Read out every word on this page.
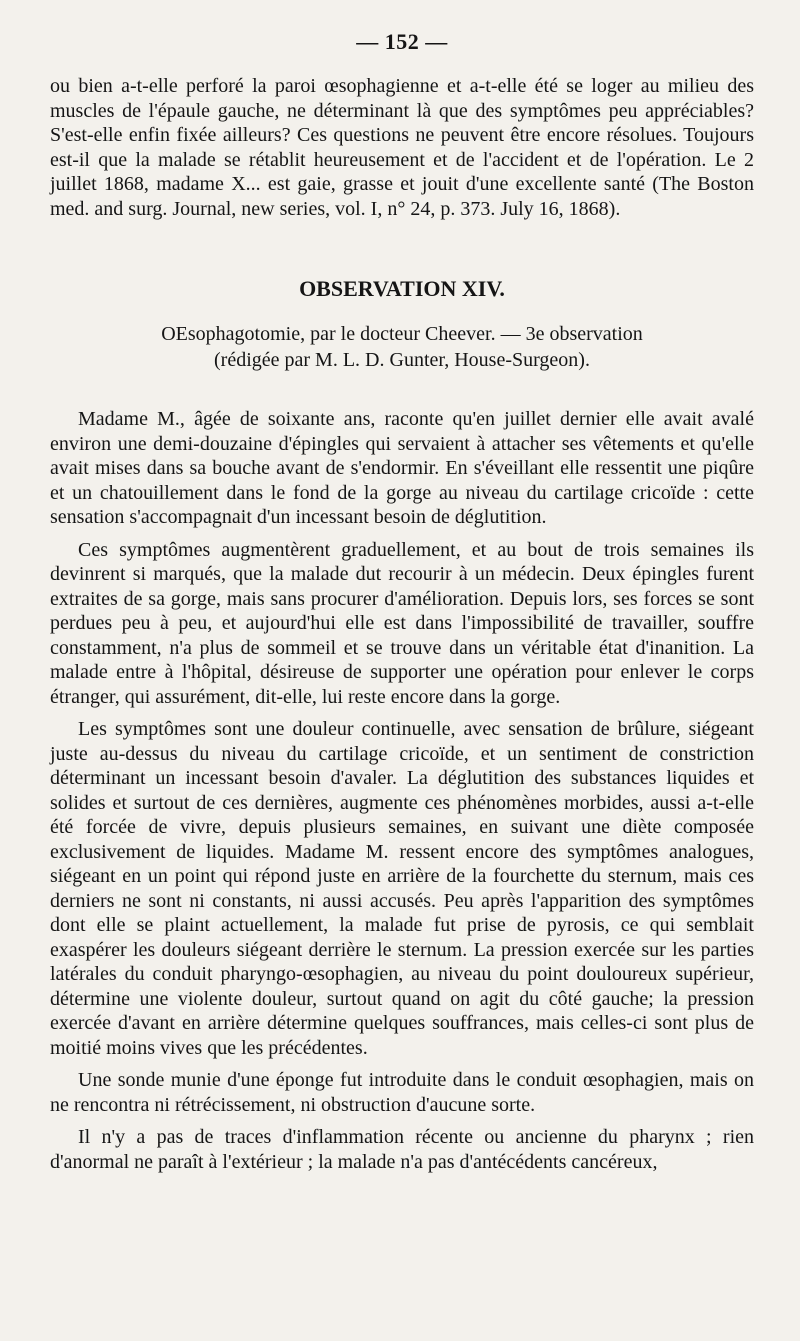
— 152 —

ou bien a-t-elle perforé la paroi œsophagienne et a-t-elle été se loger au milieu des muscles de l'épaule gauche, ne déterminant là que des symptômes peu appréciables? S'est-elle enfin fixée ailleurs? Ces questions ne peuvent être encore résolues. Toujours est-il que la malade se rétablit heureusement et de l'accident et de l'opération. Le 2 juillet 1868, madame X... est gaie, grasse et jouit d'une excellente santé (The Boston med. and surg. Journal, new series, vol. I, n° 24, p. 373. July 16, 1868).

OBSERVATION XIV.
OEsophagotomie, par le docteur Cheever. — 3e observation
(rédigée par M. L. D. Gunter, House-Surgeon).

Madame M., âgée de soixante ans, raconte qu'en juillet dernier elle avait avalé environ une demi-douzaine d'épingles qui servaient à attacher ses vêtements et qu'elle avait mises dans sa bouche avant de s'endormir. En s'éveillant elle ressentit une piqûre et un chatouillement dans le fond de la gorge au niveau du cartilage cricoïde : cette sensation s'accompagnait d'un incessant besoin de déglutition.

Ces symptômes augmentèrent graduellement, et au bout de trois semaines ils devinrent si marqués, que la malade dut recourir à un médecin. Deux épingles furent extraites de sa gorge, mais sans procurer d'amélioration. Depuis lors, ses forces se sont perdues peu à peu, et aujourd'hui elle est dans l'impossibilité de travailler, souffre constamment, n'a plus de sommeil et se trouve dans un véritable état d'inanition. La malade entre à l'hôpital, désireuse de supporter une opération pour enlever le corps étranger, qui assurément, dit-elle, lui reste encore dans la gorge.

Les symptômes sont une douleur continuelle, avec sensation de brûlure, siégeant juste au-dessus du niveau du cartilage cricoïde, et un sentiment de constriction déterminant un incessant besoin d'avaler. La déglutition des substances liquides et solides et surtout de ces dernières, augmente ces phénomènes morbides, aussi a-t-elle été forcée de vivre, depuis plusieurs semaines, en suivant une diète composée exclusivement de liquides. Madame M. ressent encore des symptômes analogues, siégeant en un point qui répond juste en arrière de la fourchette du sternum, mais ces derniers ne sont ni constants, ni aussi accusés. Peu après l'apparition des symptômes dont elle se plaint actuellement, la malade fut prise de pyrosis, ce qui semblait exaspérer les douleurs siégeant derrière le sternum. La pression exercée sur les parties latérales du conduit pharyngo-œsophagien, au niveau du point douloureux supérieur, détermine une violente douleur, surtout quand on agit du côté gauche; la pression exercée d'avant en arrière détermine quelques souffrances, mais celles-ci sont plus de moitié moins vives que les précédentes.

Une sonde munie d'une éponge fut introduite dans le conduit œsophagien, mais on ne rencontra ni rétrécissement, ni obstruction d'aucune sorte.

Il n'y a pas de traces d'inflammation récente ou ancienne du pharynx ; rien d'anormal ne paraît à l'extérieur ; la malade n'a pas d'antécédents cancéreux,
